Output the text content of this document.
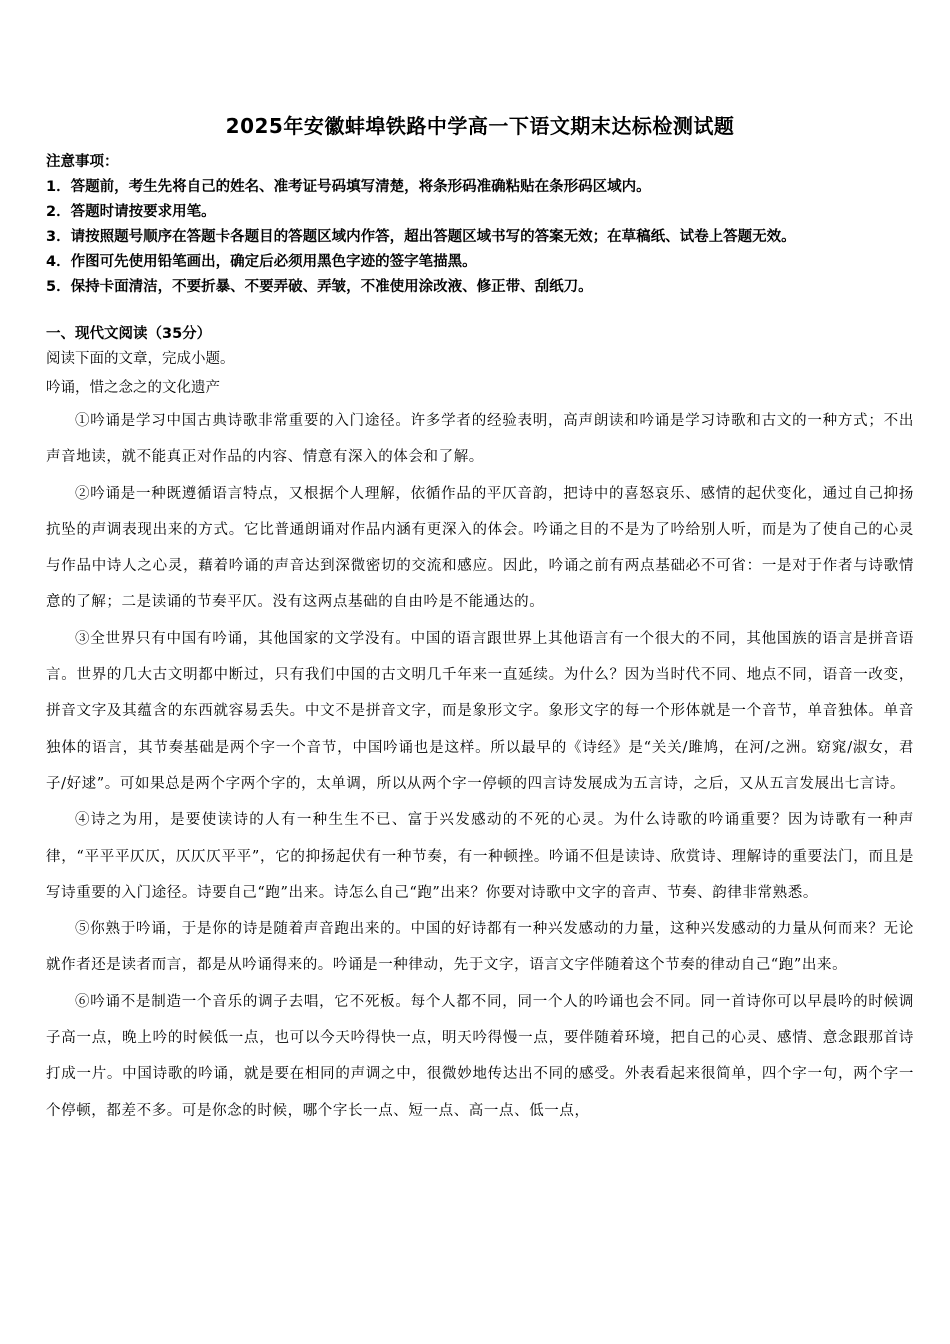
2025年安徽蚌埠铁路中学高一下语文期末达标检测试题
注意事项：
1．答题前，考生先将自己的姓名、准考证号码填写清楚，将条形码准确粘贴在条形码区域内。
2．答题时请按要求用笔。
3．请按照题号顺序在答题卡各题目的答题区域内作答，超出答题区域书写的答案无效；在草稿纸、试卷上答题无效。
4．作图可先使用铅笔画出，确定后必须用黑色字迹的签字笔描黑。
5．保持卡面清洁，不要折暴、不要弄破、弄皱，不准使用涂改液、修正带、刮纸刀。
一、现代文阅读（35分）
阅读下面的文章，完成小题。
吟诵，惜之念之的文化遗产

①吟诵是学习中国古典诗歌非常重要的入门途径。许多学者的经验表明，高声朗读和吟诵是学习诗歌和古文的一种方式；不出声音地读，就不能真正对作品的内容、情意有深入的体会和了解。

②吟诵是一种既遵循语言特点，又根据个人理解，依循作品的平仄音韵，把诗中的喜怒哀乐、感情的起伏变化，通过自己抑扬抗坠的声调表现出来的方式。它比普通朗诵对作品内涵有更深入的体会。吟诵之目的不是为了吟给别人听，而是为了使自己的心灵与作品中诗人之心灵，藉着吟诵的声音达到深微密切的交流和感应。因此，吟诵之前有两点基础必不可省：一是对于作者与诗歌情意的了解；二是读诵的节奏平仄。没有这两点基础的自由吟是不能通达的。

③全世界只有中国有吟诵，其他国家的文学没有。中国的语言跟世界上其他语言有一个很大的不同，其他国族的语言是拼音语言。世界的几大古文明都中断过，只有我们中国的古文明几千年来一直延续。为什么？因为当时代不同、地点不同，语音一改变，拼音文字及其蕴含的东西就容易丢失。中文不是拼音文字，而是象形文字。象形文字的每一个形体就是一个音节，单音独体。单音独体的语言，其节奏基础是两个字一个音节，中国吟诵也是这样。所以最早的《诗经》是“关关/雎鸠，在河/之洲。窈窕/淑女，君子/好逑”。可如果总是两个字两个字的，太单调，所以从两个字一停顿的四言诗发展成为五言诗，之后，又从五言发展出七言诗。

④诗之为用，是要使读诗的人有一种生生不已、富于兴发感动的不死的心灵。为什么诗歌的吟诵重要？因为诗歌有一种声律，“平平平仄仄，仄仄仄平平”，它的抑扬起伏有一种节奏，有一种顿挫。吟诵不但是读诗、欣赏诗、理解诗的重要法门，而且是写诗重要的入门途径。诗要自己“跑”出来。诗怎么自己“跑”出来？你要对诗歌中文字的音声、节奏、韵律非常熟悉。

⑤你熟于吟诵，于是你的诗是随着声音跑出来的。中国的好诗都有一种兴发感动的力量，这种兴发感动的力量从何而来？无论就作者还是读者而言，都是从吟诵得来的。吟诵是一种律动，先于文字，语言文字伴随着这个节奏的律动自己“跑”出来。

⑥吟诵不是制造一个音乐的调子去唱，它不死板。每个人都不同，同一个人的吟诵也会不同。同一首诗你可以早晨吟的时候调子高一点，晚上吟的时候低一点，也可以今天吟得快一点，明天吟得慢一点，要伴随着环境，把自己的心灵、感情、意念跟那首诗打成一片。中国诗歌的吟诵，就是要在相同的声调之中，很微妙地传达出不同的感受。外表看起来很简单，四个字一句，两个字一个停顿，都差不多。可是你念的时候，哪个字长一点、短一点、高一点、低一点，
